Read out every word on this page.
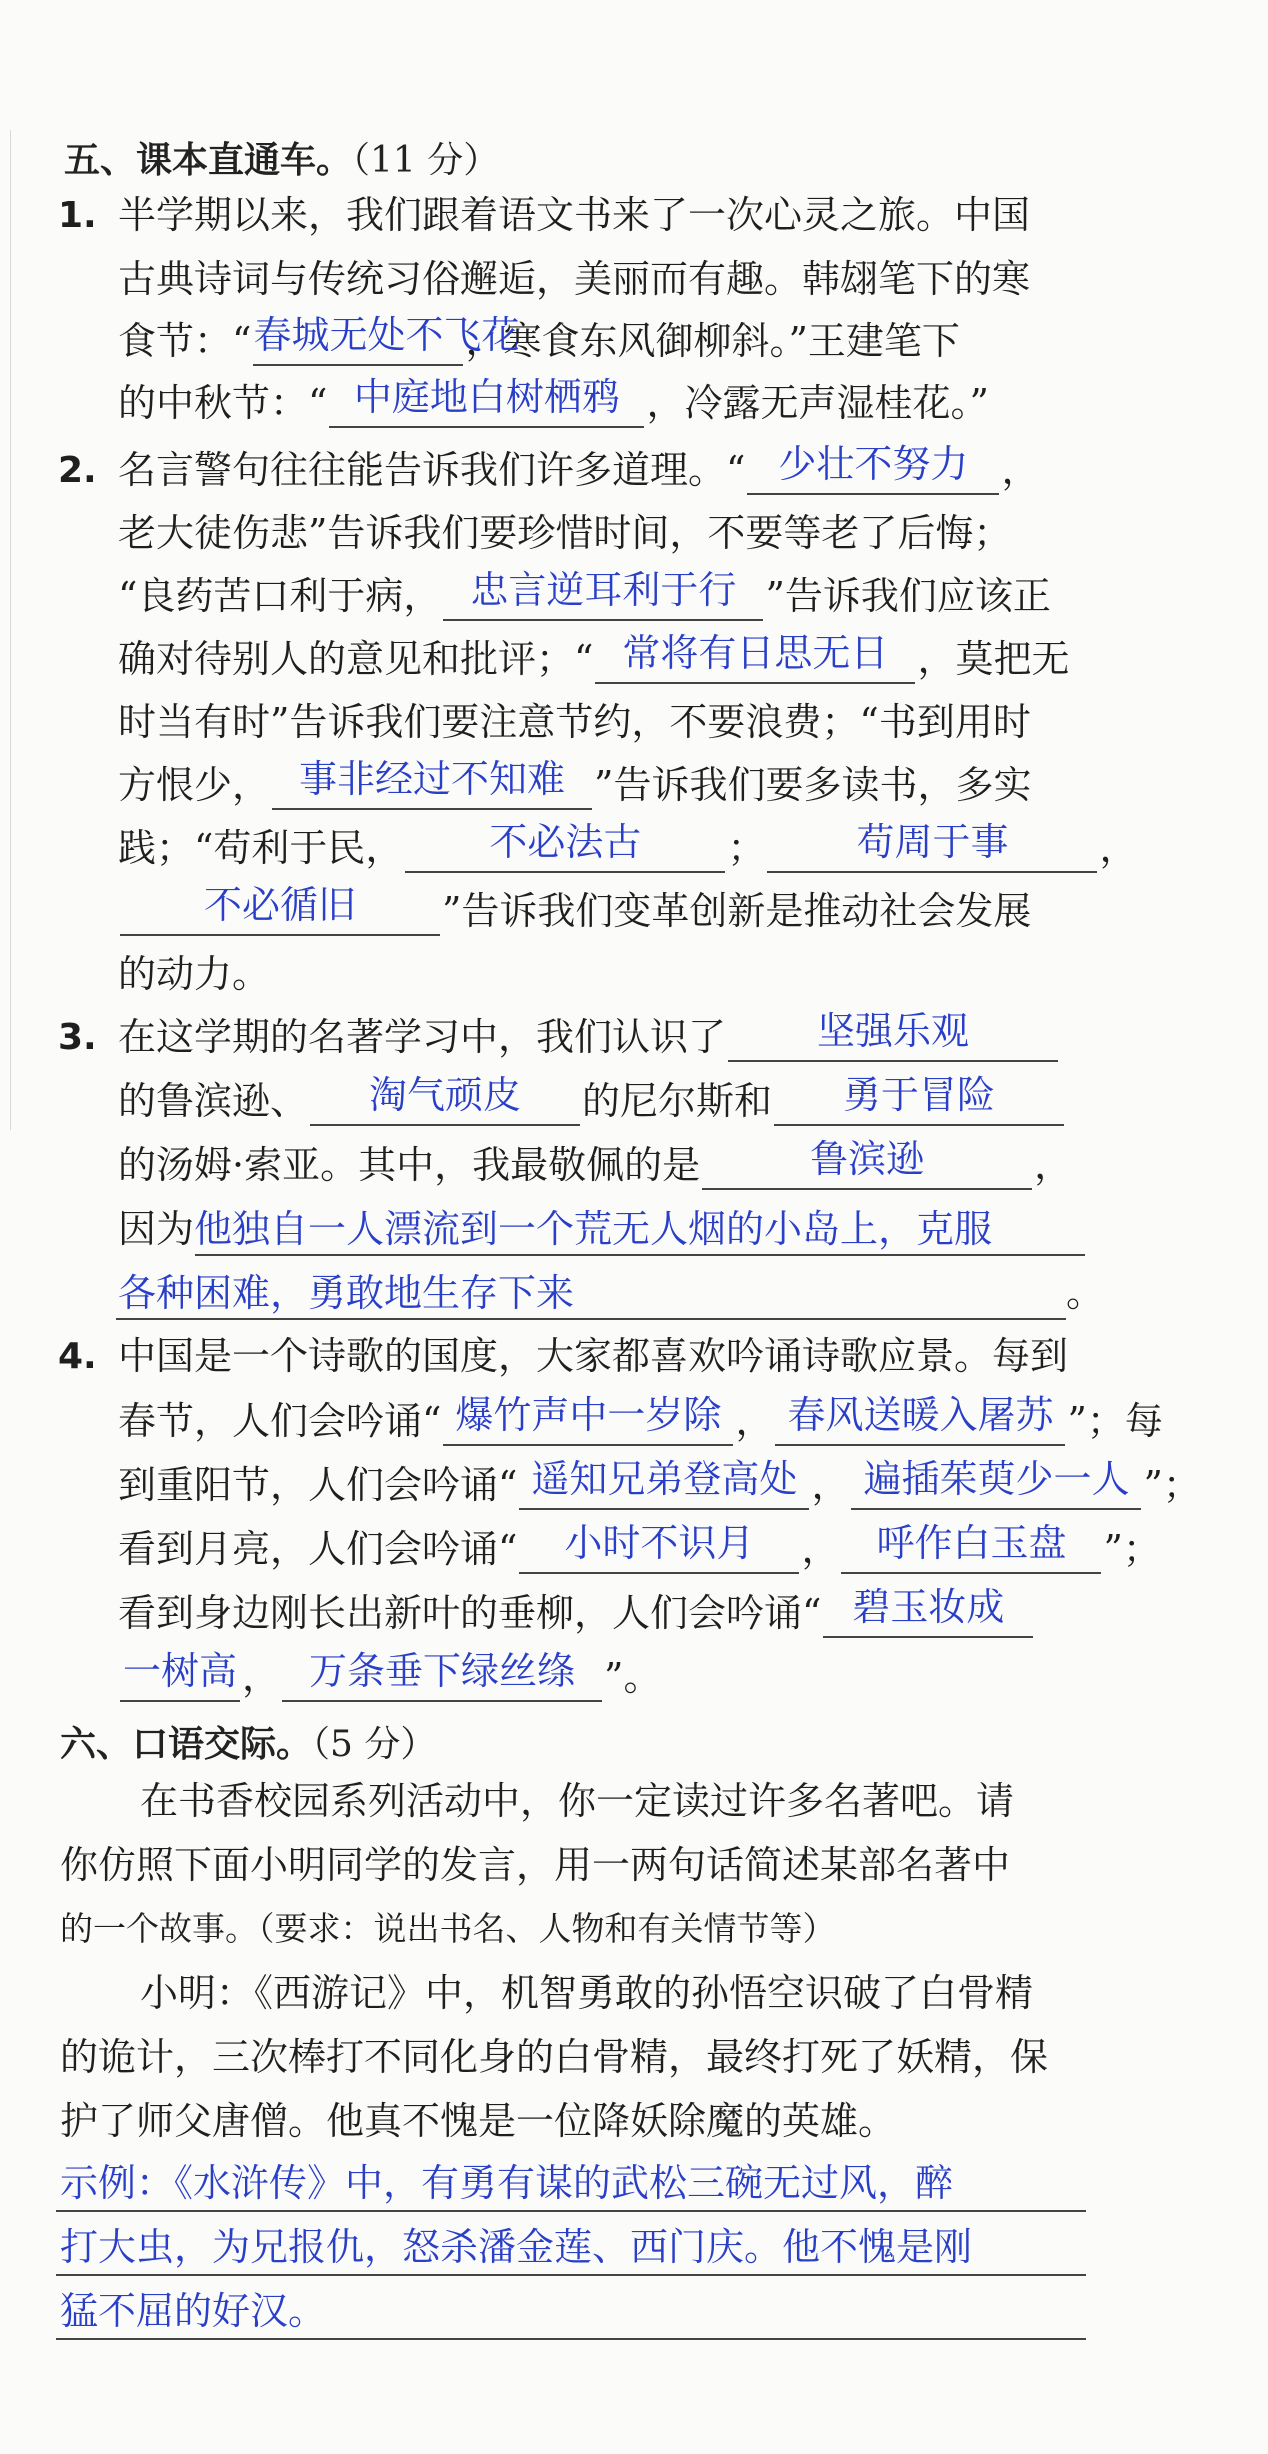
五、课本直通车。（11 分）
1. 半学期以来，我们跟着语文书来了一次心灵之旅。中国
古典诗词与传统习俗邂逅，美丽而有趣。韩翃笔下的寒
食节：“ 春城无处不飞花
，寒食东风御柳斜。”王建笔下
的中秋节：“ 中庭地白树栖鸦 ，冷露无声湿桂花。”
2. 名言警句往往能告诉我们许多道理。“ 少壮不努力 ，
老大徒伤悲”告诉我们要珍惜时间，不要等老了后悔；
“良药苦口利于病， 忠言逆耳利于行 ”告诉我们应该正
确对待别人的意见和批评；“ 常将有日思无日 ，莫把无
时当有时”告诉我们要注意节约，不要浪费；“书到用时
方恨少， 事非经过不知难 ”告诉我们要多读书，多实
践；“苟利于民，	不必法古	；	苟周于事	，
不必循旧	”告诉我们变革创新是推动社会发展
的动力。
3. 在这学期的名著学习中，我们认识了	坚强乐观
的鲁滨逊、	淘气顽皮	的尼尔斯和	勇于冒险
的汤姆·索亚。其中，我最敬佩的是	鲁滨逊	，
因为他独自一人漂流到一个荒无人烟的小岛上，克服
各种困难，勇敢地生存下来	。
4. 中国是一个诗歌的国度，大家都喜欢吟诵诗歌应景。每到
春节，人们会吟诵“ 爆竹声中一岁除 ， 春风送暖入屠苏 ”；每
到重阳节，人们会吟诵“ 遥知兄弟登高处 ， 遍插茱萸少一人 ”；
看到月亮，人们会吟诵“	小时不识月	， 呼作白玉盘 ”；
看到身边刚长出新叶的垂柳，人们会吟诵“ 碧玉妆成
一树高 ， 万条垂下绿丝绦 ”。
六、口语交际。（5 分）
在书香校园系列活动中，你一定读过许多名著吧。请
你仿照下面小明同学的发言，用一两句话简述某部名著中
的一个故事。（要求：说出书名、人物和有关情节等）
小明：《西游记》中，机智勇敢的孙悟空识破了白骨精
的诡计，三次棒打不同化身的白骨精，最终打死了妖精，保
护了师父唐僧。他真不愧是一位降妖除魔的英雄。
示例：《水浒传》中，有勇有谋的武松三碗无过风，醉
打大虫，为兄报仇，怒杀潘金莲、西门庆。他不愧是刚
猛不屈的好汉。
